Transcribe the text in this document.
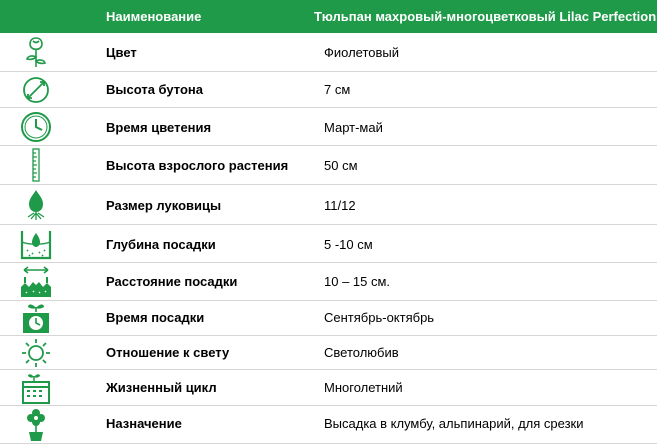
Наименование	Тюльпан махровый-многоцветковый Lilac Perfection
Цвет	Фиолетовый
Высота бутона	7 см
Время цветения	Март-май
Высота взрослого растения	50 см
Размер луковицы	11/12
Глубина посадки	5 -10 см
Расстояние посадки	10 – 15 см.
Время посадки	Сентябрь-октябрь
Отношение к свету	Светолюбив
Жизненный цикл	Многолетний
Назначение	Высадка в клумбу, альпинарий, для срезки
